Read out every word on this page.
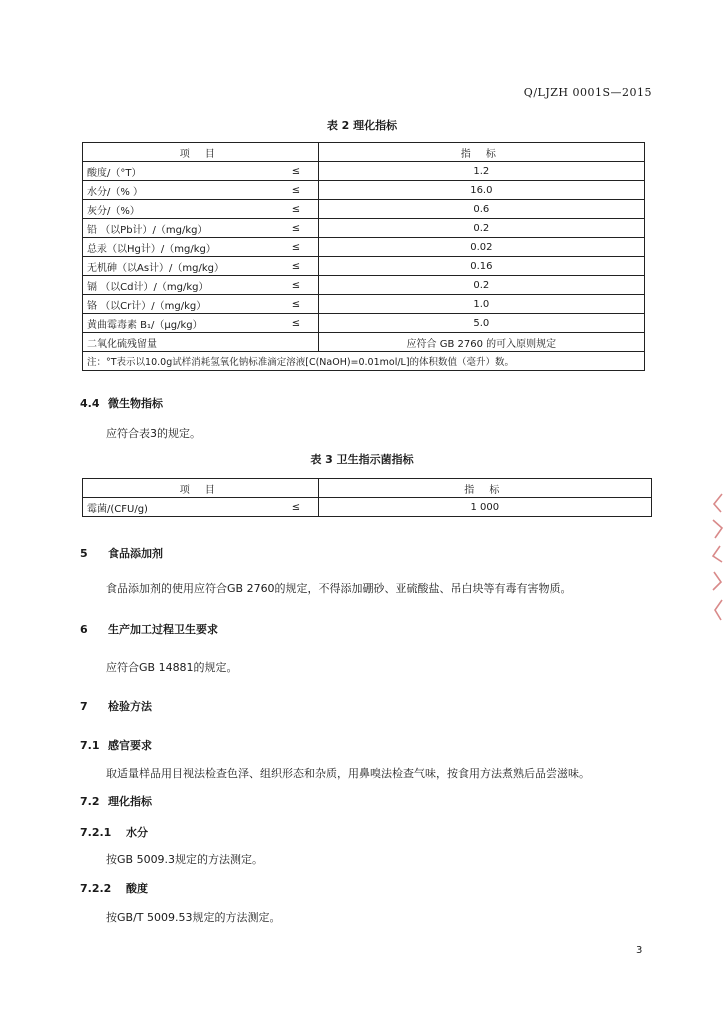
Q/LJZH 0001S—2015
表 2 理化指标
项 目		指 标
酸度/（°T）	≤	1.2
水分/（% ）	≤	16.0
灰分/（%）	≤	0.6
铅 （以Pb计）/（mg/kg）	≤	0.2
总汞（以Hg计）/（mg/kg）	≤	0.02
无机砷（以As计）/（mg/kg）	≤	0.16
镉 （以Cd计）/（mg/kg）	≤	0.2
铬 （以Cr计）/（mg/kg）	≤	1.0
黄曲霉毒素 B₁/（μg/kg）	≤	5.0
二氧化硫残留量		应符合 GB 2760 的可入原则规定
注：°T表示以10.0g试样消耗氢氧化钠标准滴定溶液[C(NaOH)=0.01mol/L]的体积数值（毫升）数。		
4.4 微生物指标
应符合表3的规定。
表 3 卫生指示菌指标
项 目		指 标
霉菌/(CFU/g)	≤	1 000
5 食品添加剂
食品添加剂的使用应符合GB 2760的规定，不得添加硼砂、亚硫酸盐、吊白块等有毒有害物质。
6 生产加工过程卫生要求
应符合GB 14881的规定。
7 检验方法
7.1 感官要求
取适量样品用目视法检查色泽、组织形态和杂质，用鼻嗅法检查气味，按食用方法煮熟后品尝滋味。
7.2 理化指标
7.2.1 水分
按GB 5009.3规定的方法测定。
7.2.2 酸度
按GB/T 5009.53规定的方法测定。
3
